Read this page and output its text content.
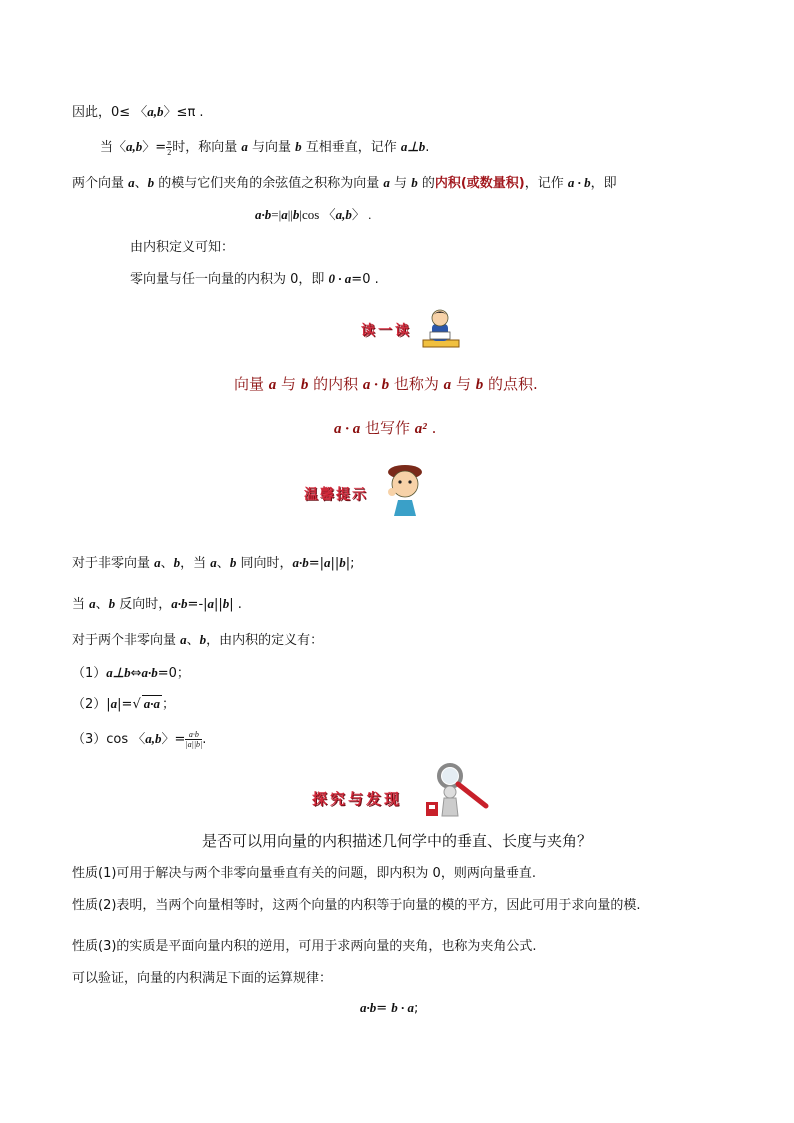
因此，0≤ 〈a,b〉≤π .
当〈a,b〉= $\frac{\pi}{2}$ 时，称向量 a 与向量 b 互相垂直，记作 a⊥b.
两个向量 a、b 的模与它们夹角的余弦值之积称为向量 a 与 b 的内积(或数量积)，记作 a · b，即
a·b=|a||b|cos 〈a,b〉 .
由内积定义可知：
零向量与任一向量的内积为 0，即 0 · a=0 .
读一读
向量 a 与 b 的内积 a · b 也称为 a 与 b 的点积.
a · a 也写作 a² .
温馨提示
对于非零向量 a、b，当 a、b 同向时，a·b=|a||b|;
当 a、b 反向时，a·b=-|a||b| .
对于两个非零向量 a、b，由内积的定义有：
（1）a⊥b⇔a·b=0；
（2）|a|=√ a·a ；
（3）cos 〈a,b〉= $\frac{a\cdot b}{|a||b|}$ .
探究与发现
是否可以用向量的内积描述几何学中的垂直、长度与夹角？
性质(1)可用于解决与两个非零向量垂直有关的问题，即内积为 0，则两向量垂直.
性质(2)表明，当两个向量相等时，这两个向量的内积等于向量的模的平方，因此可用于求向量的模.
性质(3)的实质是平面向量内积的逆用，可用于求两向量的夹角，也称为夹角公式.
可以验证，向量的内积满足下面的运算规律：
a·b= b · a;
